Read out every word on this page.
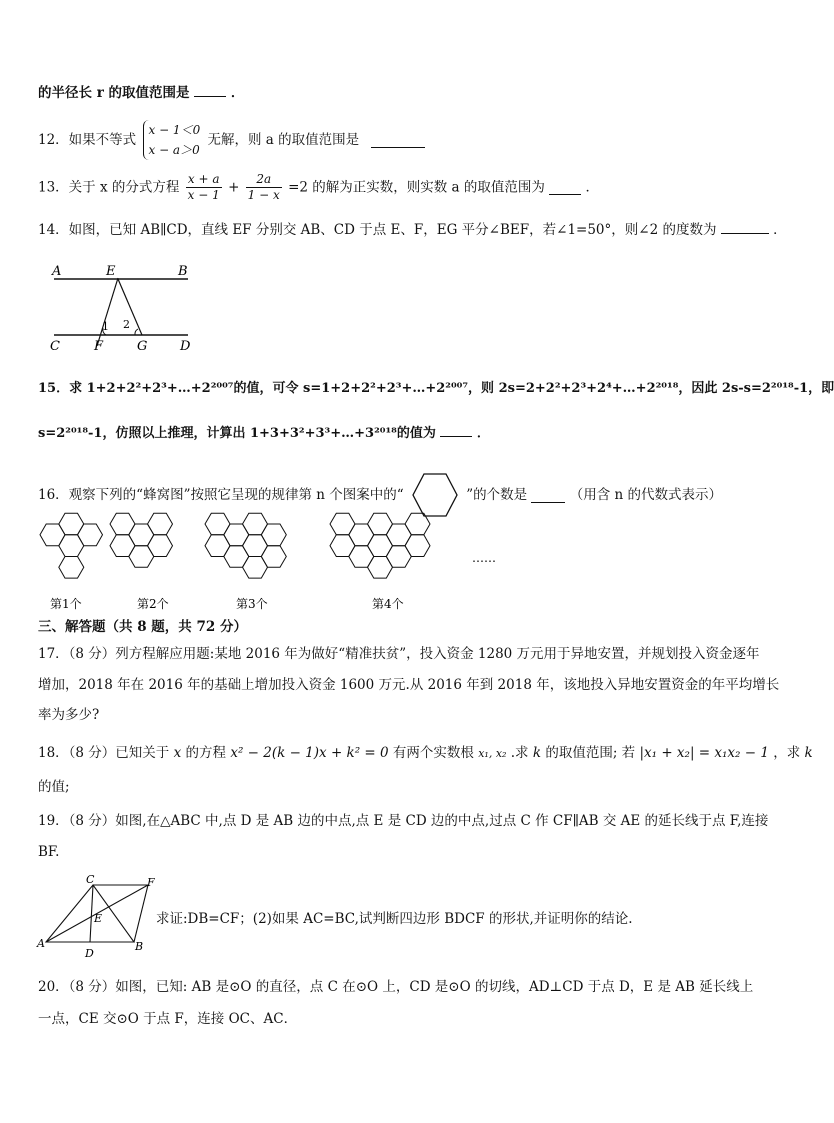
的半径长 r 的取值范围是	．
12．如果不等式
x − 1＜0
x − a＞0
无解，则 a 的取值范围是
13．关于 x 的分式方程 $\frac{x + a}{x - 1} + \frac{2a}{1 - x} =2$ 的解为正实数，则实数 a 的取值范围为	．
14．如图，已知 AB∥CD，直线 EF 分别交 AB、CD 于点 E、F，EG 平分∠BEF，若∠1=50°，则∠2 的度数为	．
A	E	B
C	F	G	D
1 2
15．求 1+2+2²+2³+…+2²⁰⁰⁷的值，可令 s=1+2+2²+2³+…+2²⁰⁰⁷，则 2s=2+2²+2³+2⁴+…+2²⁰¹⁸，因此 2s-s=2²⁰¹⁸-1，即
s=2²⁰¹⁸-1，仿照以上推理，计算出 1+3+3²+3³+…+3²⁰¹⁸的值为	．
16．观察下列的“蜂窝图”按照它呈现的规律第 n 个图案中的“	”的个数是	（用含 n 的代数式表示）
第1个	第2个	第3个	第4个
……
三、解答题（共 8 题，共 72 分）
17．（8 分）列方程解应用题:某地 2016 年为做好“精准扶贫”，投入资金 1280 万元用于异地安置，并规划投入资金逐年
增加，2018 年在 2016 年的基础上增加投入资金 1600 万元.从 2016 年到 2018 年，该地投入异地安置资金的年平均增长
率为多少?
18．（8 分）已知关于 x 的方程 x² − 2(k − 1)x + k² = 0 有两个实数根 x₁, x₂ .求 k 的取值范围; 若 |x₁ + x₂| = x₁x₂ − 1 ，求 k
的值;
19．（8 分）如图,在△ABC 中,点 D 是 AB 边的中点,点 E 是 CD 边的中点,过点 C 作 CF∥AB 交 AE 的延长线于点 F,连接
BF.
C	F
E
A
D
B
求证:DB=CF；(2)如果 AC=BC,试判断四边形 BDCF 的形状,并证明你的结论.
20．（8 分）如图，已知: AB 是⊙O 的直径，点 C 在⊙O 上，CD 是⊙O 的切线，AD⊥CD 于点 D，E 是 AB 延长线上
一点，CE 交⊙O 于点 F，连接 OC、AC．
